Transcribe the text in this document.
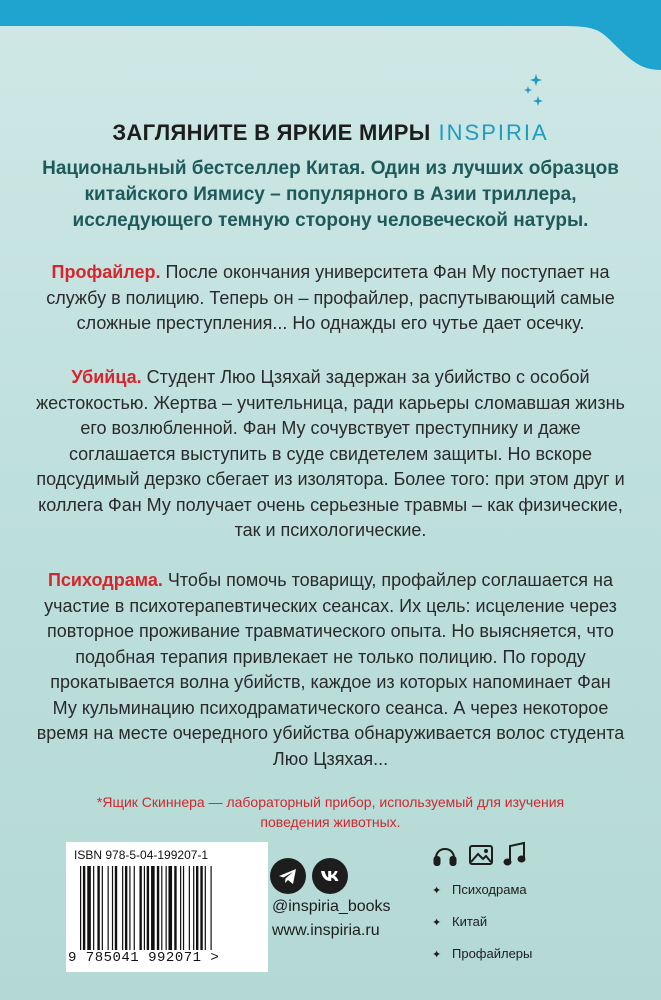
ЗАГЛЯНИТЕ В ЯРКИЕ МИРЫ INSPIRIA

Национальный бестселлер Китая. Один из лучших образцов китайского Иямису – популярного в Азии триллера, исследующего темную сторону человеческой натуры.

Профайлер. После окончания университета Фан Му поступает на службу в полицию. Теперь он – профайлер, распутывающий самые сложные преступления... Но однажды его чутье дает осечку.

Убийца. Студент Люо Цзяхай задержан за убийство с особой жестокостью. Жертва – учительница, ради карьеры сломавшая жизнь его возлюбленной. Фан Му сочувствует преступнику и даже соглашается выступить в суде свидетелем защиты. Но вскоре подсудимый дерзко сбегает из изолятора. Более того: при этом друг и коллега Фан Му получает очень серьезные травмы – как физические, так и психологические.

Психодрама. Чтобы помочь товарищу, профайлер соглашается на участие в психотерапевтических сеансах. Их цель: исцеление через повторное проживание травматического опыта. Но выясняется, что подобная терапия привлекает не только полицию. По городу прокатывается волна убийств, каждое из которых напоминает Фан Му кульминацию психодраматического сеанса. А через некоторое время на месте очередного убийства обнаруживается волос студента Люо Цзяхая...

*Ящик Скиннера — лабораторный прибор, используемый для изучения поведения животных.

ISBN 978-5-04-199207-1
9 785041 992071 >
@inspiria_books
www.inspiria.ru
✦ Психодрама
✦ Китай
✦ Профайлеры
